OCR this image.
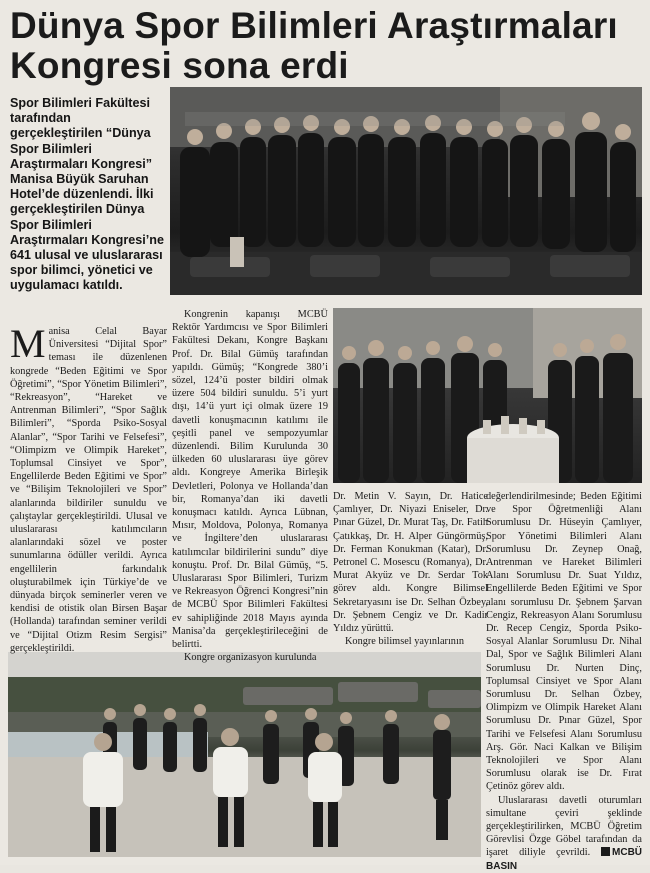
Dünya Spor Bilimleri Araştırmaları
Kongresi sona erdi
Spor Bilimleri Fakültesi tarafından gerçekleştirilen “Dünya Spor Bilimleri Araştırmaları Kongresi” Manisa Büyük Saruhan Hotel’de düzenlendi. İlki gerçekleştirilen Dünya Spor Bilimleri Araştırmaları Kongresi’ne 641 ulusal ve uluslararası spor bilimci, yönetici ve uygulamacı katıldı.
Manisa Celal Bayar Üniversitesi “Dijital Spor” teması ile düzenlenen kongrede “Beden Eğitimi ve Spor Öğretimi”, “Spor Yönetim Bilimleri”, “Rekreasyon”, “Hareket ve Antrenman Bilimleri”, “Spor Sağlık Bilimleri”, “Sporda Psiko-Sosyal Alanlar”, “Spor Tarihi ve Felsefesi”, “Olimpizm ve Olimpik Hareket”, Toplumsal Cinsiyet ve Spor”, Engellilerde Beden Eğitimi ve Spor” ve “Bilişim Teknolojileri ve Spor” alanlarında bildiriler sunuldu ve çalıştaylar gerçekleştirildi. Ulusal ve uluslararası katılımcıların alanlarındaki sözel ve poster sunumlarına ödüller verildi. Ayrıca engellilerin farkındalık oluşturabilmek için Türkiye’de ve dünyada birçok seminerler veren ve kendisi de otistik olan Birsen Başar (Hollanda) tarafından seminer verildi ve “Dijital Otizm Resim Sergisi” gerçekleştirildi.

Kongrenin kapanışı MCBÜ Rektör Yardımcısı ve Spor Bilimleri Fakültesi Dekanı, Kongre Başkanı Prof. Dr. Bilal Gümüş tarafından yapıldı. Gümüş; “Kongrede 380’i sözel, 124’ü poster bildiri olmak üzere 504 bildiri sunuldu. 5’i yurt dışı, 14’ü yurt içi olmak üzere 19 davetli konuşmacının katılımı ile çeşitli panel ve sempozyumlar düzenlendi. Bilim Kurulunda 30 ülkeden 60 uluslararası üye görev aldı. Kongreye Amerika Birleşik Devletleri, Polonya ve Hollanda’dan bir, Romanya’dan iki davetli konuşmacı katıldı. Ayrıca Lübnan, Mısır, Moldova, Polonya, Romanya ve İngiltere’den uluslararası katılımcılar bildirilerini sundu” diye konuştu. Prof. Dr. Bilal Gümüş, “5. Uluslararası Spor Bilimleri, Turizm ve Rekreasyon Öğrenci Kongresi”nin de MCBÜ Spor Bilimleri Fakültesi ev sahipliğinde 2018 Mayıs ayında Manisa’da gerçekleştirileceğini de belirtti.

Kongre organizasyon kurulunda

Dr. Metin V. Sayın, Dr. Hatice Çamlıyer, Dr. Niyazi Eniseler, Dr. Pınar Güzel, Dr. Murat Taş, Dr. Fatih Çatıkkaş, Dr. H. Alper Güngörmüş, Dr. Ferman Konukman (Katar), Dr. Petronel C. Mosescu (Romanya), Dr. Murat Akyüz ve Dr. Serdar Tok görev aldı. Kongre Bilimsel Sekretaryasını ise Dr. Selhan Özbey, Dr. Şebnem Cengiz ve Dr. Kadir Yıldız yürüttü.

Kongre bilimsel yayınlarının

değerlendirilmesinde; Beden Eğitimi ve Spor Öğretmenliği Alanı Sorumlusu Dr. Hüseyin Çamlıyer, Spor Yönetimi Bilimleri Alanı Sorumlusu Dr. Zeynep Onağ, Antrenman ve Hareket Bilimleri Alanı Sorumlusu Dr. Suat Yıldız, Engellilerde Beden Eğitimi ve Spor alanı sorumlusu Dr. Şebnem Şarvan Cengiz, Rekreasyon Alanı Sorumlusu Dr. Recep Cengiz, Sporda Psiko-Sosyal Alanlar Sorumlusu Dr. Nihal Dal, Spor ve Sağlık Bilimleri Alanı Sorumlusu Dr. Nurten Dinç, Toplumsal Cinsiyet ve Spor Alanı Sorumlusu Dr. Selhan Özbey, Olimpizm ve Olimpik Hareket Alanı Sorumlusu Dr. Pınar Güzel, Spor Tarihi ve Felsefesi Alanı Sorumlusu Arş. Gör. Naci Kalkan ve Bilişim Teknolojileri ve Spor Alanı Sorumlusu olarak ise Dr. Fırat Çetinöz görev aldı.

Uluslararası davetli oturumları simultane çeviri şeklinde gerçekleştirilirken, MCBÜ Öğretim Görevlisi Özge Göbel tarafından da işaret diliyle çevrildi. MCBÜ BASIN
